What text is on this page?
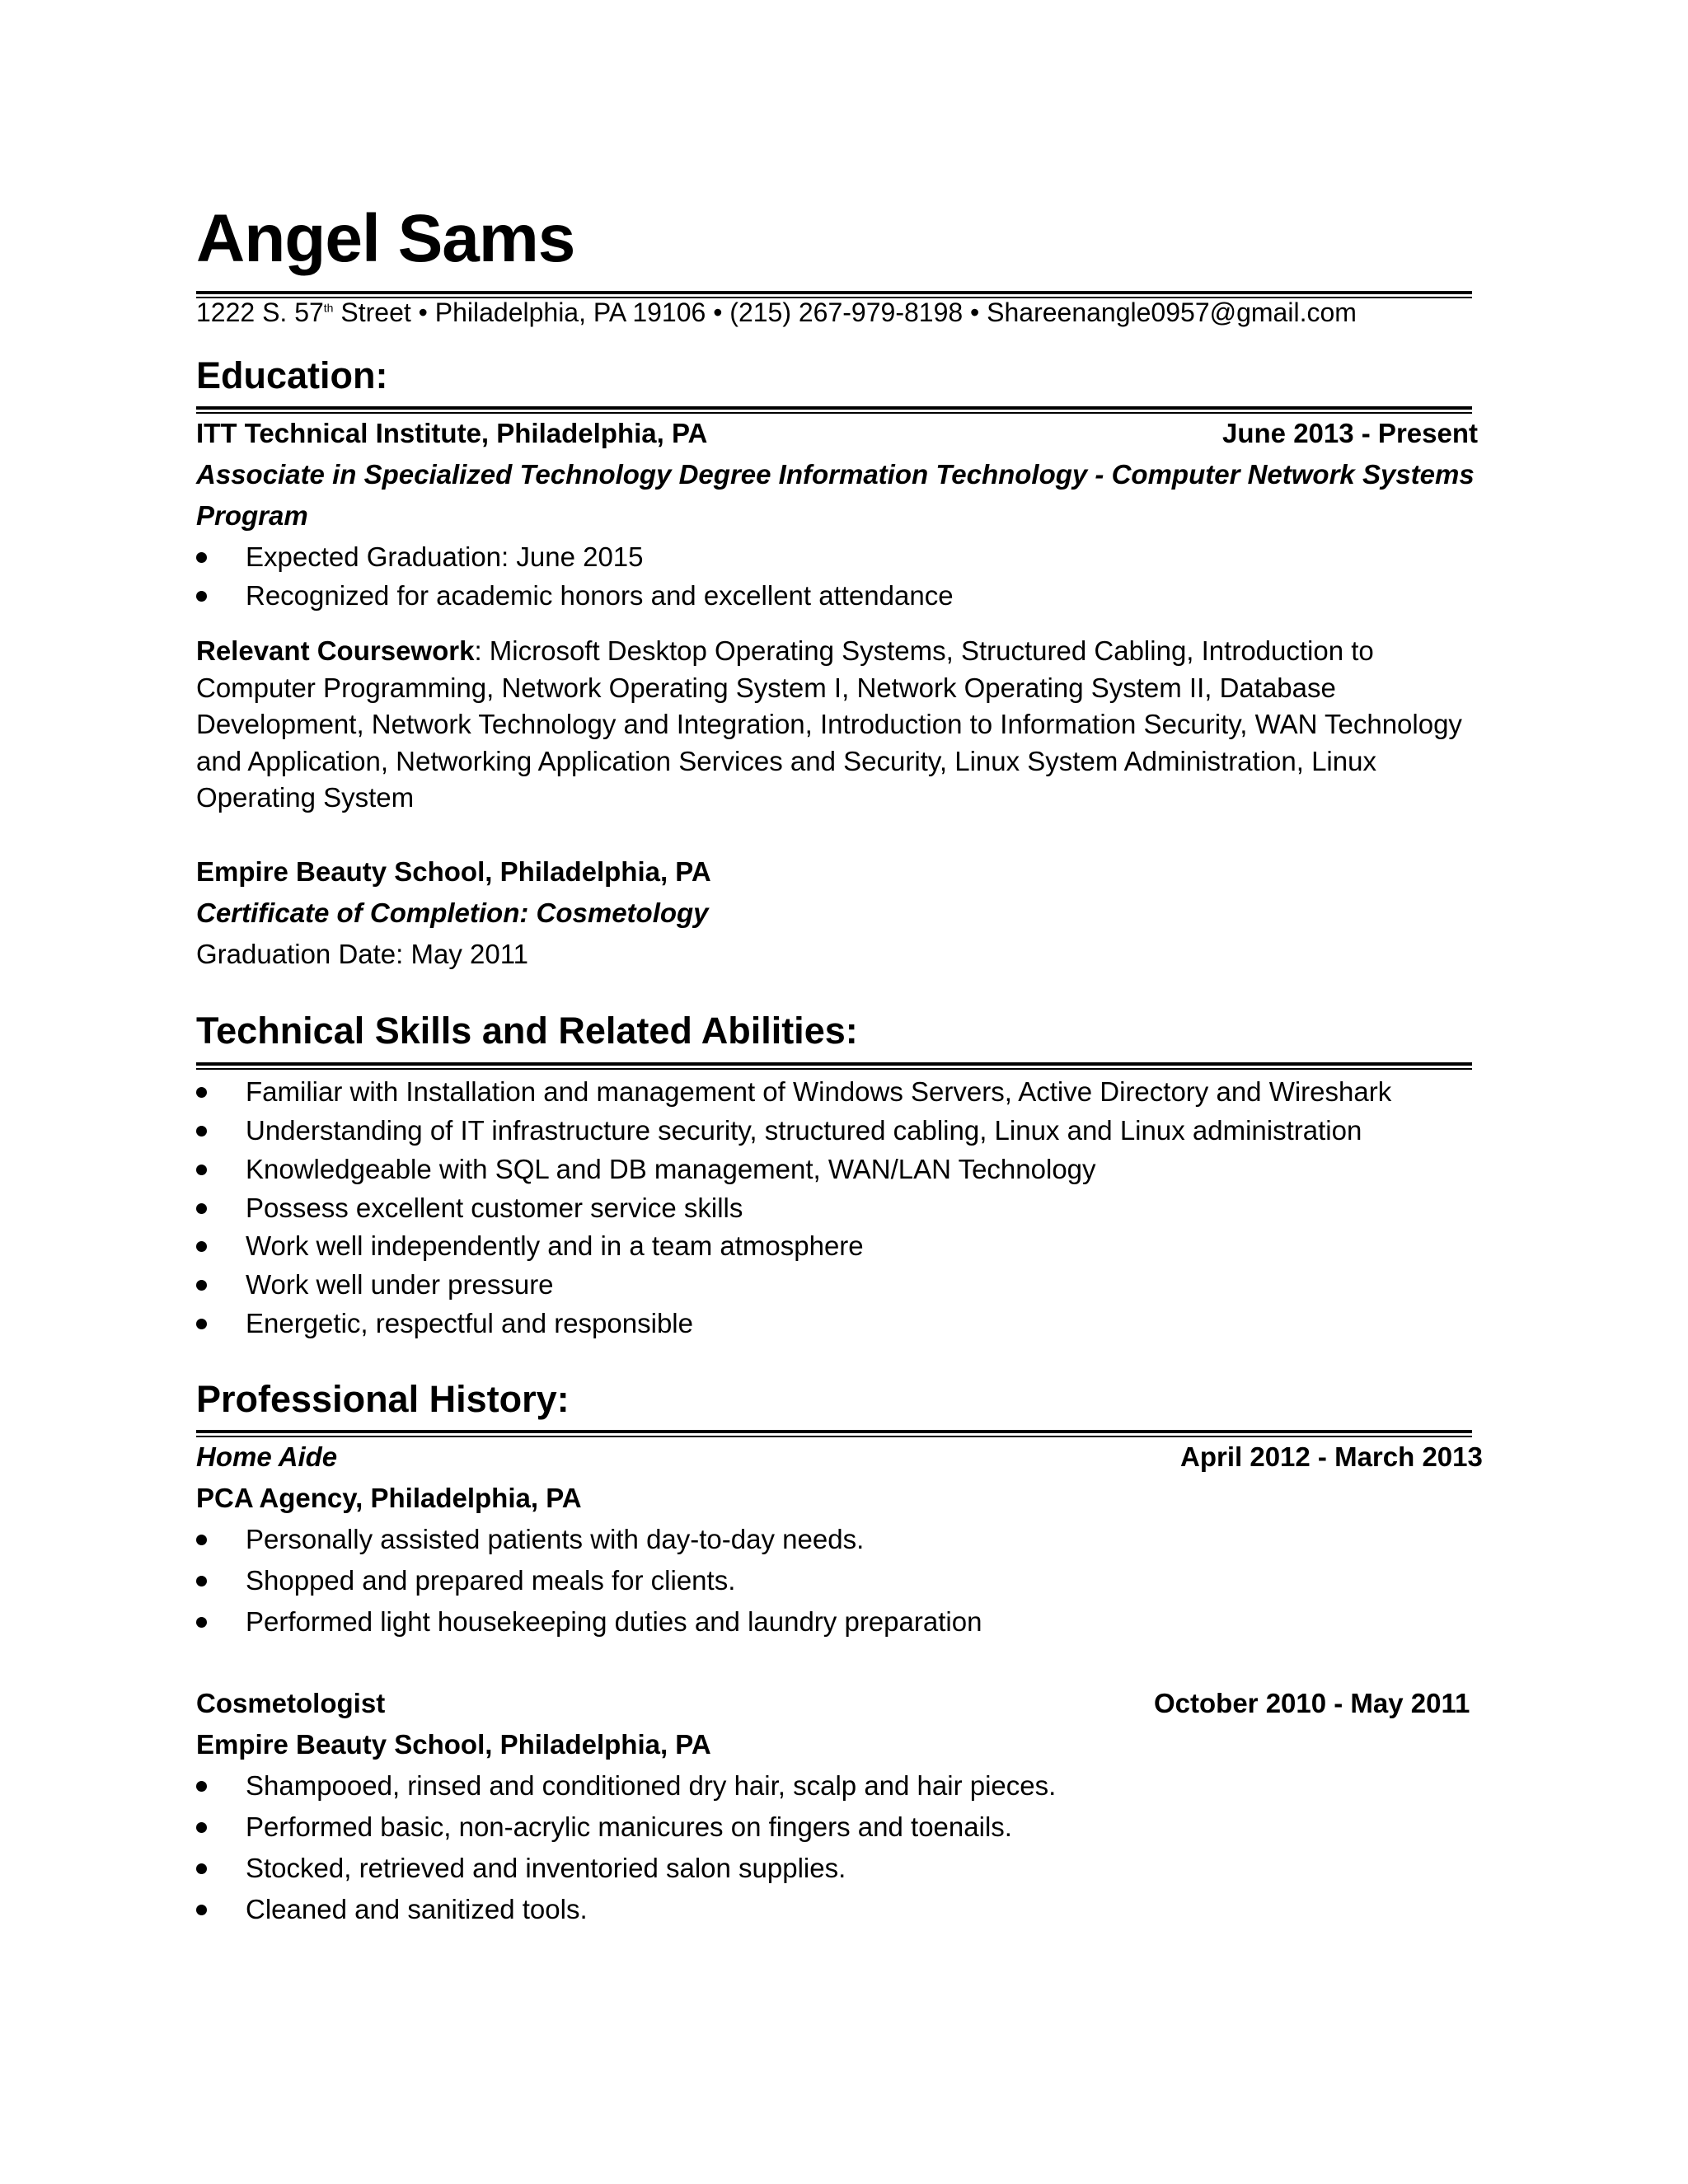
Angel Sams
1222 S. 57th Street • Philadelphia, PA 19106 • (215) 267-979-8198 • Shareenangle0957@gmail.com
Education:
ITT Technical Institute, Philadelphia, PA	June 2013 - Present
Associate in Specialized Technology Degree Information Technology - Computer Network Systems
Program
Expected Graduation: June 2015
Recognized for academic honors and excellent attendance
Relevant Coursework: Microsoft Desktop Operating Systems, Structured Cabling, Introduction to Computer Programming, Network Operating System I, Network Operating System II, Database Development, Network Technology and Integration, Introduction to Information Security, WAN Technology and Application, Networking Application Services and Security, Linux System Administration, Linux Operating System
Empire Beauty School, Philadelphia, PA
Certificate of Completion: Cosmetology
Graduation Date: May 2011
Technical Skills and Related Abilities:
Familiar with Installation and management of Windows Servers, Active Directory and Wireshark
Understanding of IT infrastructure security, structured cabling, Linux and Linux administration
Knowledgeable with SQL and DB management, WAN/LAN Technology
Possess excellent customer service skills
Work well independently and in a team atmosphere
Work well under pressure
Energetic, respectful and responsible
Professional History:
Home Aide	April 2012 - March 2013
PCA Agency, Philadelphia, PA
Personally assisted patients with day-to-day needs.
Shopped and prepared meals for clients.
Performed light housekeeping duties and laundry preparation
Cosmetologist	October 2010 - May 2011
Empire Beauty School, Philadelphia, PA
Shampooed, rinsed and conditioned dry hair, scalp and hair pieces.
Performed basic, non-acrylic manicures on fingers and toenails.
Stocked, retrieved and inventoried salon supplies.
Cleaned and sanitized tools.
